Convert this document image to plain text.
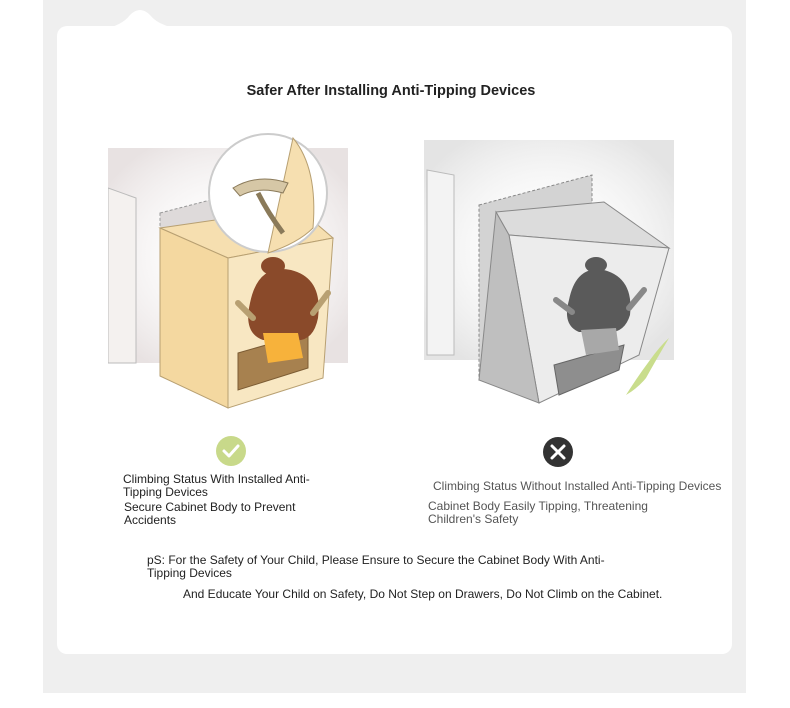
Safer After Installing Anti-Tipping Devices
Climbing Status With Installed Anti-Tipping Devices
Secure Cabinet Body to Prevent Accidents
Climbing Status Without Installed Anti-Tipping Devices
Cabinet Body Easily Tipping, Threatening Children's Safety
pS: For the Safety of Your Child, Please Ensure to Secure the Cabinet Body With Anti-Tipping Devices
And Educate Your Child on Safety, Do Not Step on Drawers, Do Not Climb on the Cabinet.
